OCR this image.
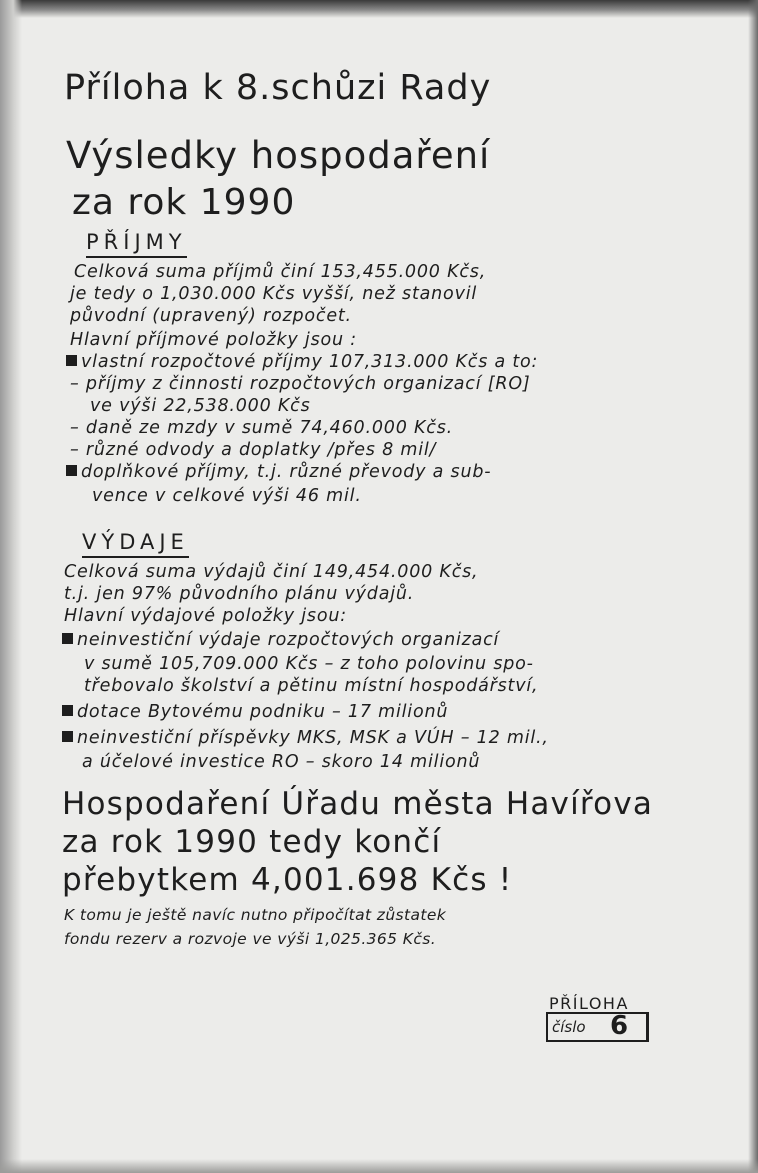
Příloha k 8.schůzi Rady
Výsledky hospodaření
za rok 1990
PŘÍJMY
Celková suma příjmů činí 153,455.000 Kčs,
je tedy o 1,030.000 Kčs vyšší, než stanovil
původní (upravený) rozpočet.
Hlavní příjmové položky jsou :
vlastní rozpočtové příjmy 107,313.000 Kčs a to:
– příjmy z činnosti rozpočtových organizací [RO]
ve výši 22,538.000 Kčs
– daně ze mzdy v sumě 74,460.000 Kčs.
– různé odvody a doplatky /přes 8 mil/
doplňkové příjmy, t.j. různé převody a sub-
vence v celkové výši 46 mil.
VÝDAJE
Celková suma výdajů činí 149,454.000 Kčs,
t.j. jen 97% původního plánu výdajů.
Hlavní výdajové položky jsou:
neinvestiční výdaje rozpočtových organizací
v sumě 105,709.000 Kčs – z toho polovinu spo-
třebovalo školství a pětinu místní hospodářství,
dotace Bytovému podniku – 17 milionů
neinvestiční příspěvky MKS, MSK a VÚH – 12 mil.,
a účelové investice RO – skoro 14 milionů
Hospodaření Úřadu města Havířova
za rok 1990 tedy končí
přebytkem 4,001.698 Kčs !
K tomu je ještě navíc nutno připočítat zůstatek
fondu rezerv a rozvoje ve výši 1,025.365 Kčs.
PŘÍLOHA
číslo 6
